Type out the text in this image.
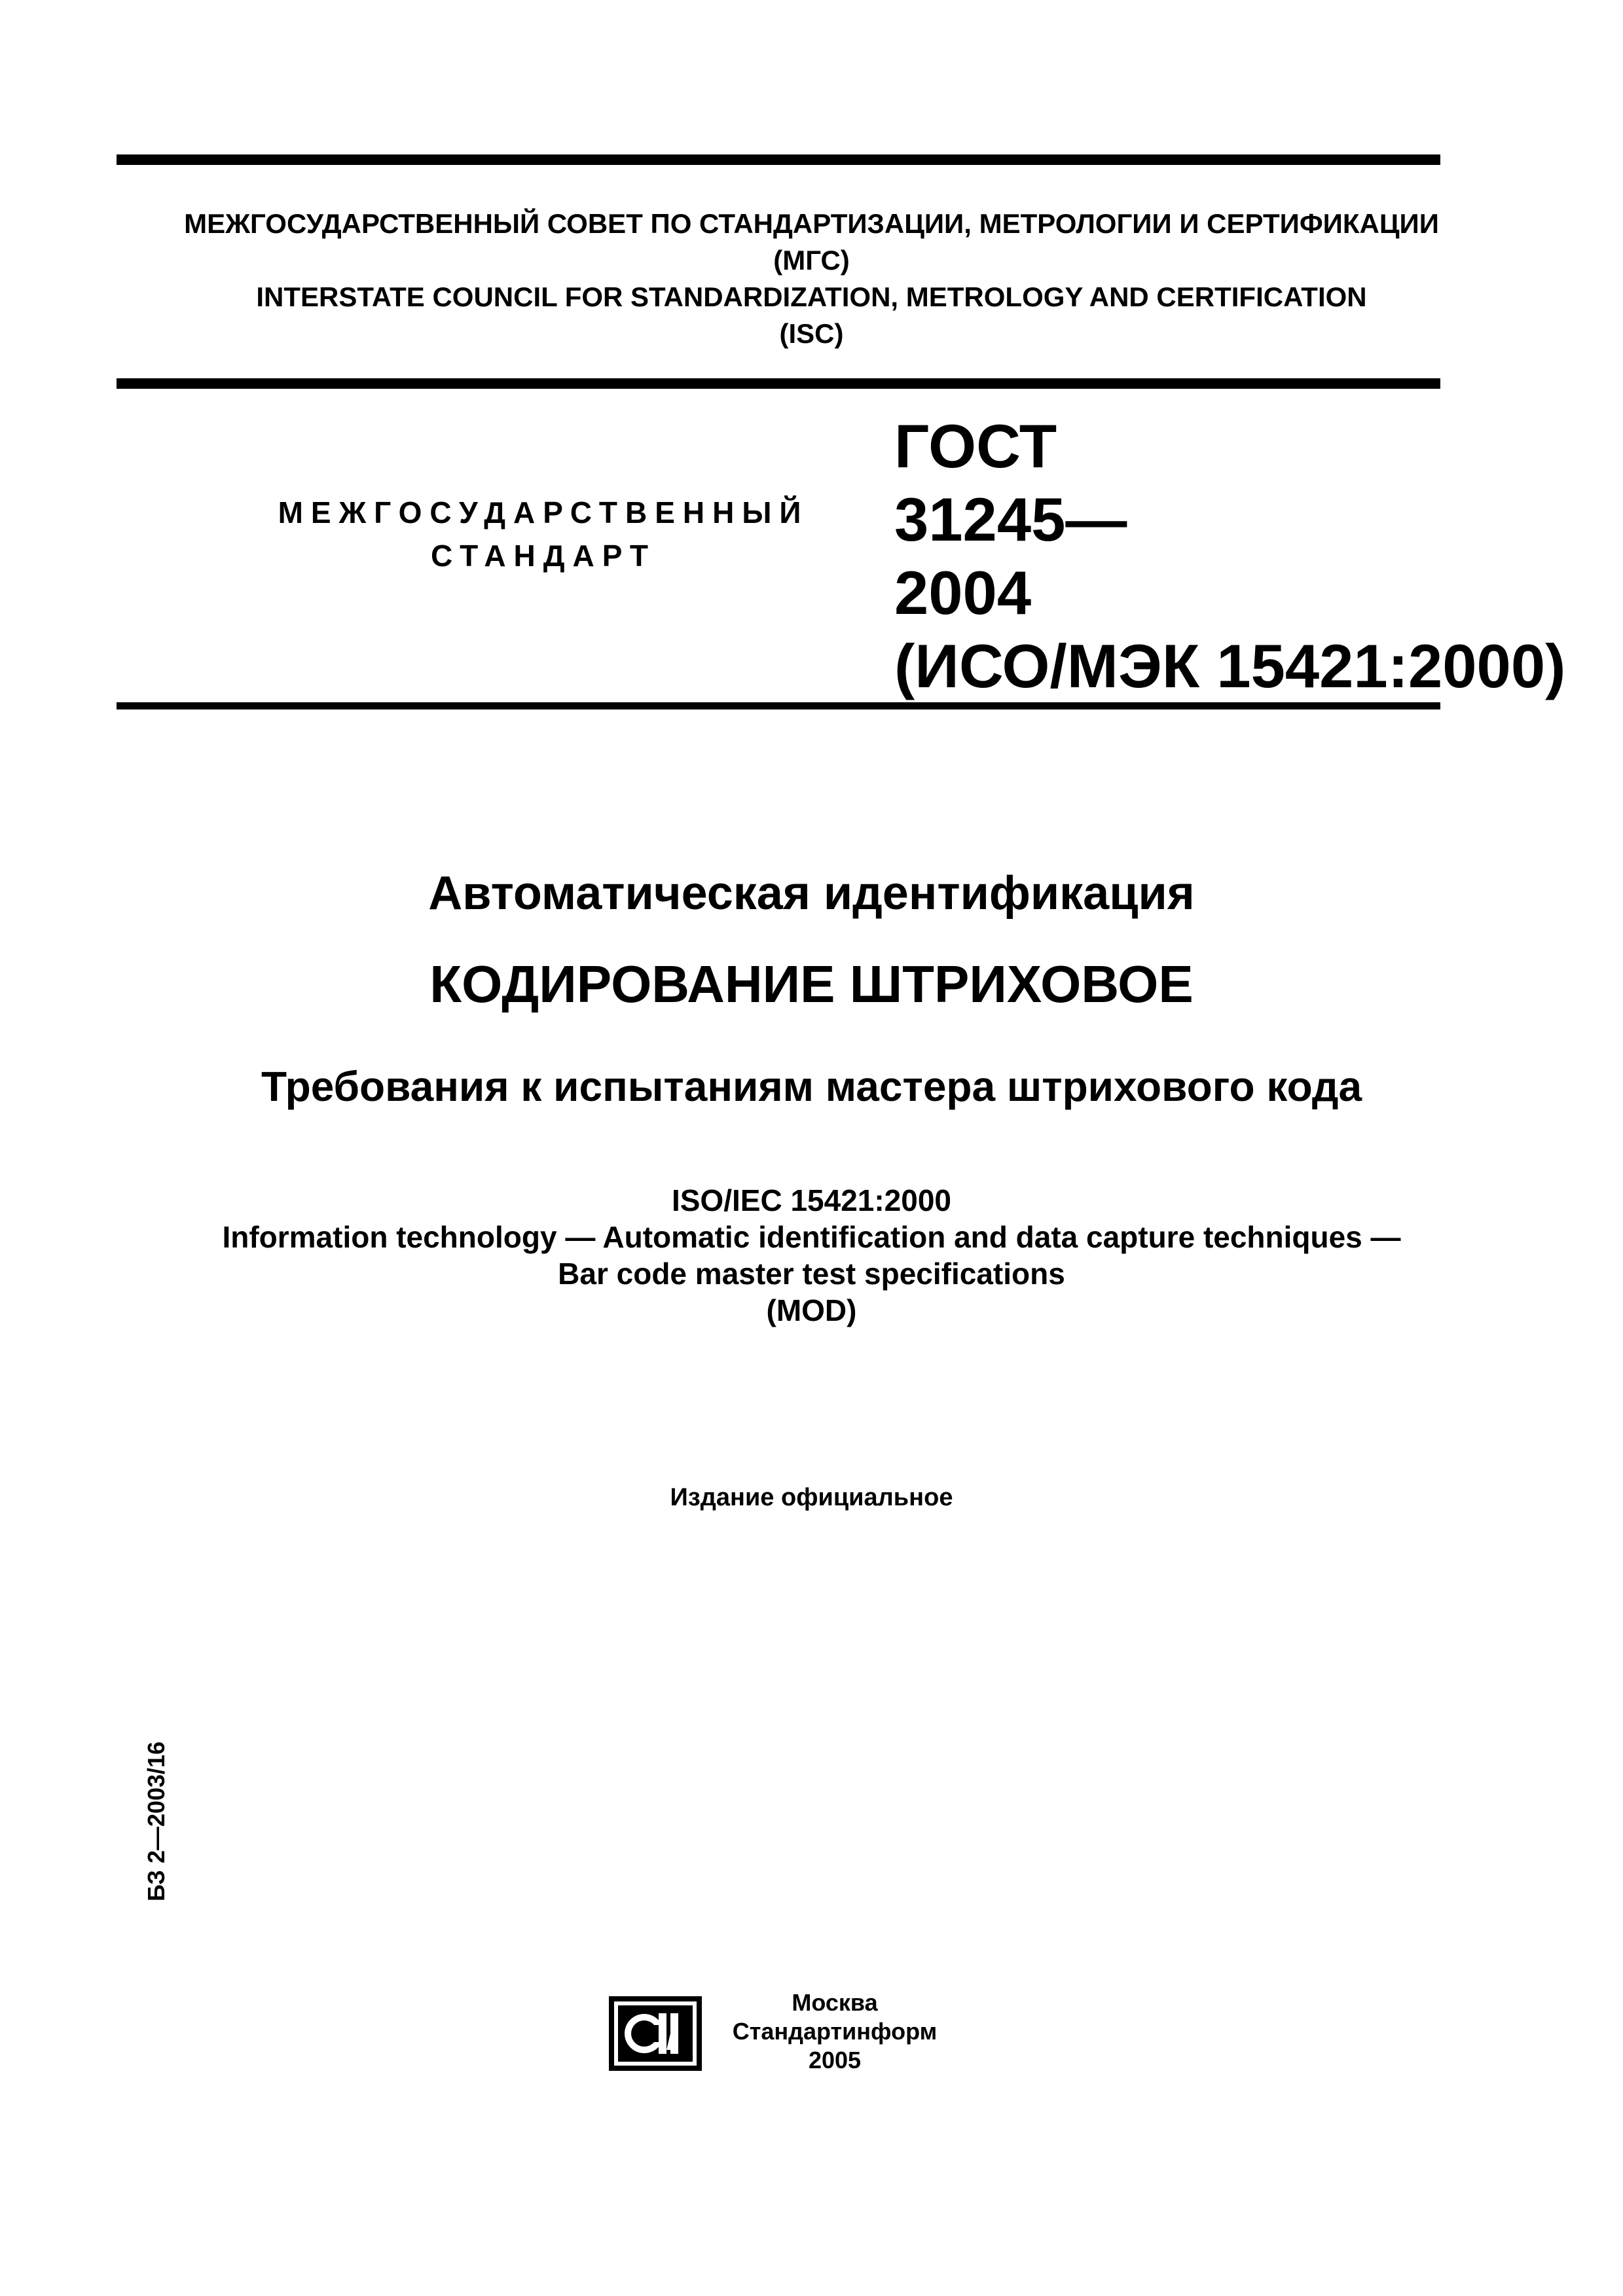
МЕЖГОСУДАРСТВЕННЫЙ СОВЕТ ПО СТАНДАРТИЗАЦИИ, МЕТРОЛОГИИ И СЕРТИФИКАЦИИ
(МГС)
INTERSTATE COUNCIL FOR STANDARDIZATION, METROLOGY AND CERTIFICATION
(ISC)
МЕЖГОСУДАРСТВЕННЫЙ
СТАНДАРТ
ГОСТ
31245—
2004
(ИСО/МЭК 15421:2000)
Автоматическая идентификация
КОДИРОВАНИЕ ШТРИХОВОЕ
Требования к испытаниям мастера штрихового кода
ISO/IEC 15421:2000
Information technology — Automatic identification and data capture techniques —
Bar code master test specifications
(MOD)
Издание официальное
БЗ 2—2003/16
Москва
Стандартинформ
2005
